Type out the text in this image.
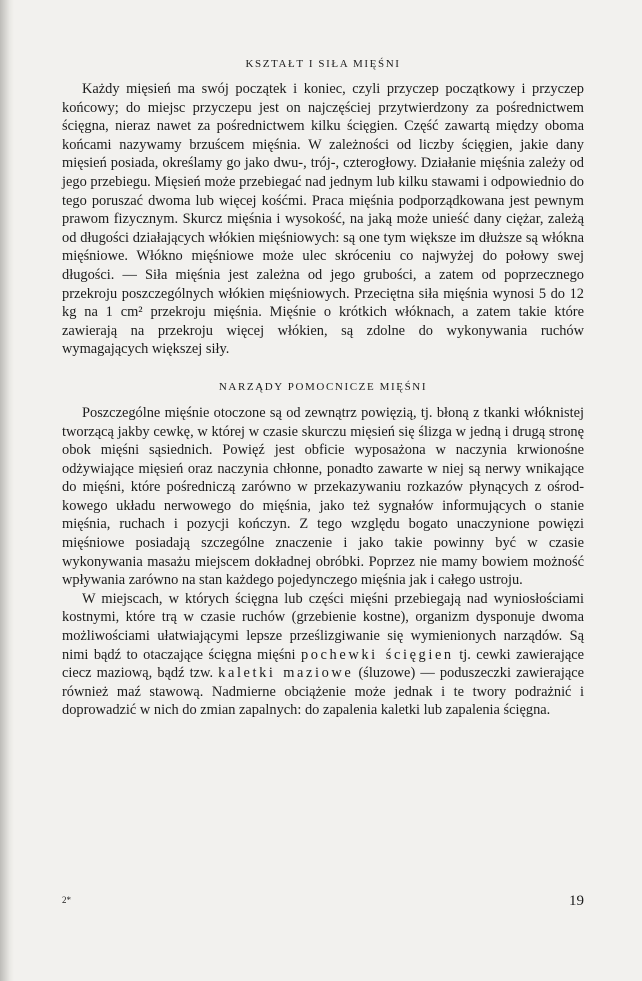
KSZTAŁT I SIŁA MIĘŚNI

Każdy mięsień ma swój początek i koniec, czyli przyczep początkowy i przyczep końcowy; do miejsc przyczepu jest on najczęściej przytwierdzony za pośrednictwem ścięgna, nieraz nawet za pośrednictwem kilku ścięgien. Część zawartą między oboma końcami nazywamy brzuścem mięśnia. W zależności od liczby ścięgien, jakie dany mięsień posiada, określamy go jako dwu-, trój-, czterogłowy. Działanie mięśnia zależy od jego przebiegu. Mięsień może przebiegać nad jednym lub kilku stawami i odpowiednio do tego poruszać dwoma lub więcej kośćmi. Praca mięśnia podporządkowana jest pewnym prawom fizycznym. Skurcz mięśnia i wysokość, na jaką może unieść dany ciężar, zależą od długości działających włókien mięśniowych: są one tym większe im dłuższe są włókna mięśniowe. Włókno mięśniowe może ulec skróceniu co najwyżej do połowy swej długości. — Siła mięśnia jest zależna od jego grubości, a zatem od poprzecznego przekroju poszczególnych włókien mięśniowych. Przeciętna siła mięśnia wynosi 5 do 12 kg na 1 cm² przekroju mięśnia. Mięśnie o krótkich włóknach, a zatem takie które zawierają na przekroju więcej włókien, są zdolne do wykonywania ruchów wymagających większej siły.

NARZĄDY POMOCNICZE MIĘŚNI

Poszczególne mięśnie otoczone są od zewnątrz powięzią, tj. błoną z tkanki włóknistej tworzącą jakby cewkę, w której w czasie skurczu mięsień się ślizga w jedną i drugą stronę obok mięśni sąsiednich. Powięź jest obficie wyposażona w naczynia krwionośne odżywiające mięsień oraz naczynia chłonne, ponadto zawarte w niej są nerwy wnikające do mięśni, które pośredniczą zarówno w przekazywaniu rozkazów płynących z ośrodkowego układu nerwowego do mięśnia, jako też sygnałów informujących o stanie mięśnia, ruchach i pozycji kończyn. Z tego względu bogato unaczynione powięzi mięśniowe posiadają szczególne znaczenie i jako takie powinny być w czasie wykonywania masażu miejscem dokładnej obróbki. Poprzez nie mamy bowiem możność wpływania zarówno na stan każdego pojedynczego mięśnia jak i całego ustroju.

W miejscach, w których ścięgna lub części mięśni przebiegają nad wyniosłościami kostnymi, które trą w czasie ruchów (grzebienie kostne), organizm dysponuje dwoma możliwościami ułatwiającymi lepsze prześlizgiwanie się wymienionych narządów. Są nimi bądź to otaczające ścięgna mięśni pochewki ścięgien tj. cewki zawierające ciecz maziową, bądź tzw. kaletki maziowe (śluzowe) — poduszeczki zawierające również maź stawową. Nadmierne obciążenie może jednak i te twory podrażnić i doprowadzić w nich do zmian zapalnych: do zapalenia kaletki lub zapalenia ścięgna.

2*	19
